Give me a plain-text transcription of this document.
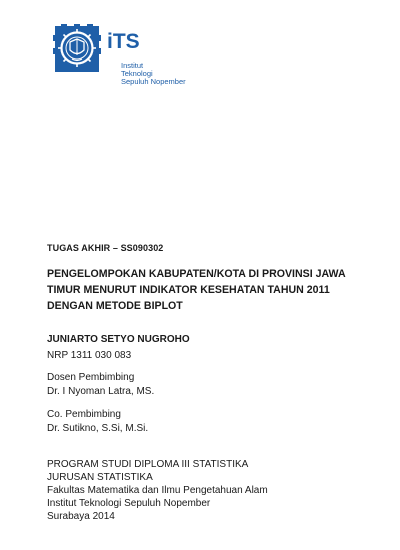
iTS
Institut Teknologi Sepuluh Nopember
TUGAS AKHIR – SS090302
PENGELOMPOKAN KABUPATEN/KOTA DI PROVINSI JAWA
TIMUR MENURUT INDIKATOR KESEHATAN TAHUN 2011
DENGAN METODE BIPLOT
JUNIARTO SETYO NUGROHO
NRP 1311 030 083
Dosen Pembimbing
Dr. I Nyoman Latra, MS.
Co. Pembimbing
Dr. Sutikno, S.Si, M.Si.
PROGRAM STUDI DIPLOMA III STATISTIKA
JURUSAN STATISTIKA
Fakultas Matematika dan Ilmu Pengetahuan Alam
Institut Teknologi Sepuluh Nopember
Surabaya 2014
